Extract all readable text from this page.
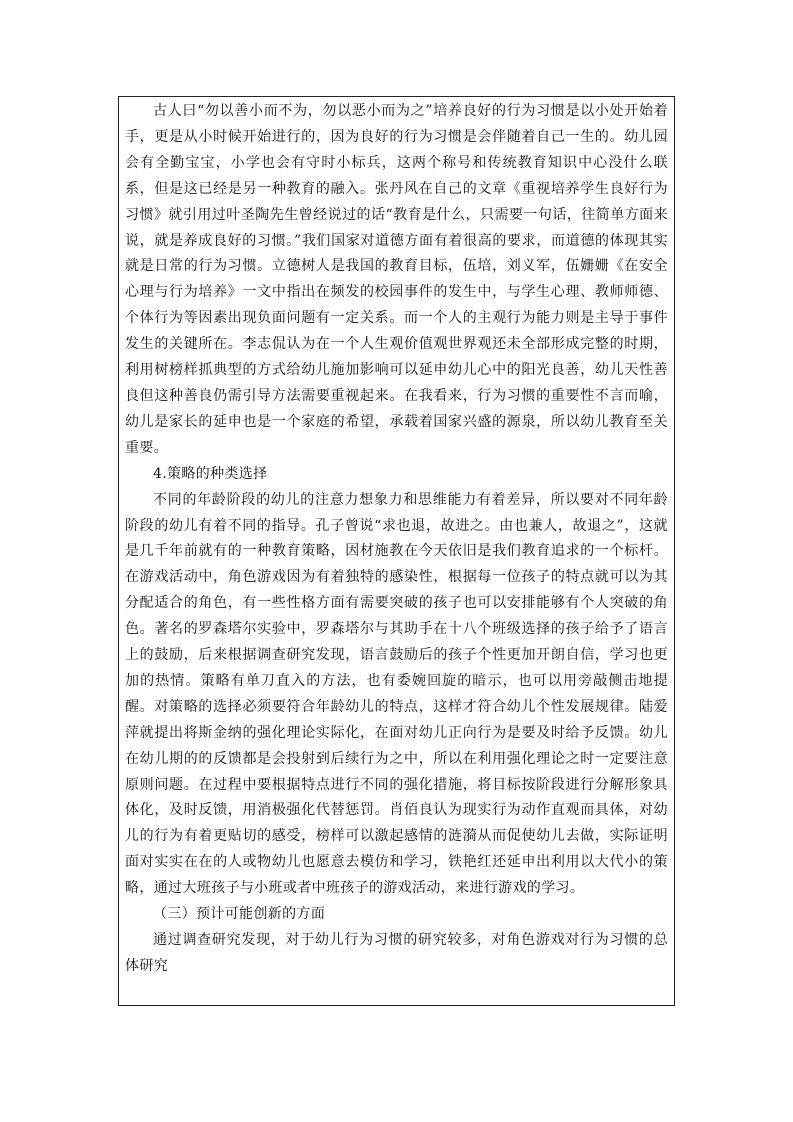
古人曰“勿以善小而不为，勿以恶小而为之”培养良好的行为习惯是以小处开始着手，更是从小时候开始进行的，因为良好的行为习惯是会伴随着自己一生的。幼儿园会有全勤宝宝，小学也会有守时小标兵，这两个称号和传统教育知识中心没什么联系，但是这已经是另一种教育的融入。张丹风在自己的文章《重视培养学生良好行为习惯》就引用过叶圣陶先生曾经说过的话“教育是什么，只需要一句话，往简单方面来说，就是养成良好的习惯。”我们国家对道德方面有着很高的要求，而道德的体现其实就是日常的行为习惯。立德树人是我国的教育目标，伍培，刘义军，伍姗姗《在安全心理与行为培养》一文中指出在频发的校园事件的发生中，与学生心理、教师师德、个体行为等因素出现负面问题有一定关系。而一个人的主观行为能力则是主导于事件发生的关键所在。李志侃认为在一个人生观价值观世界观还未全部形成完整的时期，利用树榜样抓典型的方式给幼儿施加影响可以延申幼儿心中的阳光良善，幼儿天性善良但这种善良仍需引导方法需要重视起来。在我看来，行为习惯的重要性不言而喻，幼儿是家长的延申也是一个家庭的希望，承载着国家兴盛的源泉，所以幼儿教育至关重要。

4.策略的种类选择

不同的年龄阶段的幼儿的注意力想象力和思维能力有着差异，所以要对不同年龄阶段的幼儿有着不同的指导。孔子曾说“求也退，故进之。由也兼人，故退之”，这就是几千年前就有的一种教育策略，因材施教在今天依旧是我们教育追求的一个标杆。在游戏活动中，角色游戏因为有着独特的感染性，根据每一位孩子的特点就可以为其分配适合的角色，有一些性格方面有需要突破的孩子也可以安排能够有个人突破的角色。著名的罗森塔尔实验中，罗森塔尔与其助手在十八个班级选择的孩子给予了语言上的鼓励，后来根据调查研究发现，语言鼓励后的孩子个性更加开朗自信，学习也更加的热情。策略有单刀直入的方法，也有委婉回旋的暗示，也可以用旁敲侧击地提醒。对策略的选择必须要符合年龄幼儿的特点，这样才符合幼儿个性发展规律。陆爱萍就提出将斯金纳的强化理论实际化，在面对幼儿正向行为是要及时给予反馈。幼儿在幼儿期的的反馈都是会投射到后续行为之中，所以在利用强化理论之时一定要注意原则问题。在过程中要根据特点进行不同的强化措施，将目标按阶段进行分解形象具体化，及时反馈，用消极强化代替惩罚。肖佰良认为现实行为动作直观而具体，对幼儿的行为有着更贴切的感受，榜样可以激起感情的涟漪从而促使幼儿去做，实际证明面对实实在在的人或物幼儿也愿意去模仿和学习，铁艳红还延申出利用以大代小的策略，通过大班孩子与小班或者中班孩子的游戏活动，来进行游戏的学习。

（三）预计可能创新的方面

通过调查研究发现，对于幼儿行为习惯的研究较多，对角色游戏对行为习惯的总体研究
